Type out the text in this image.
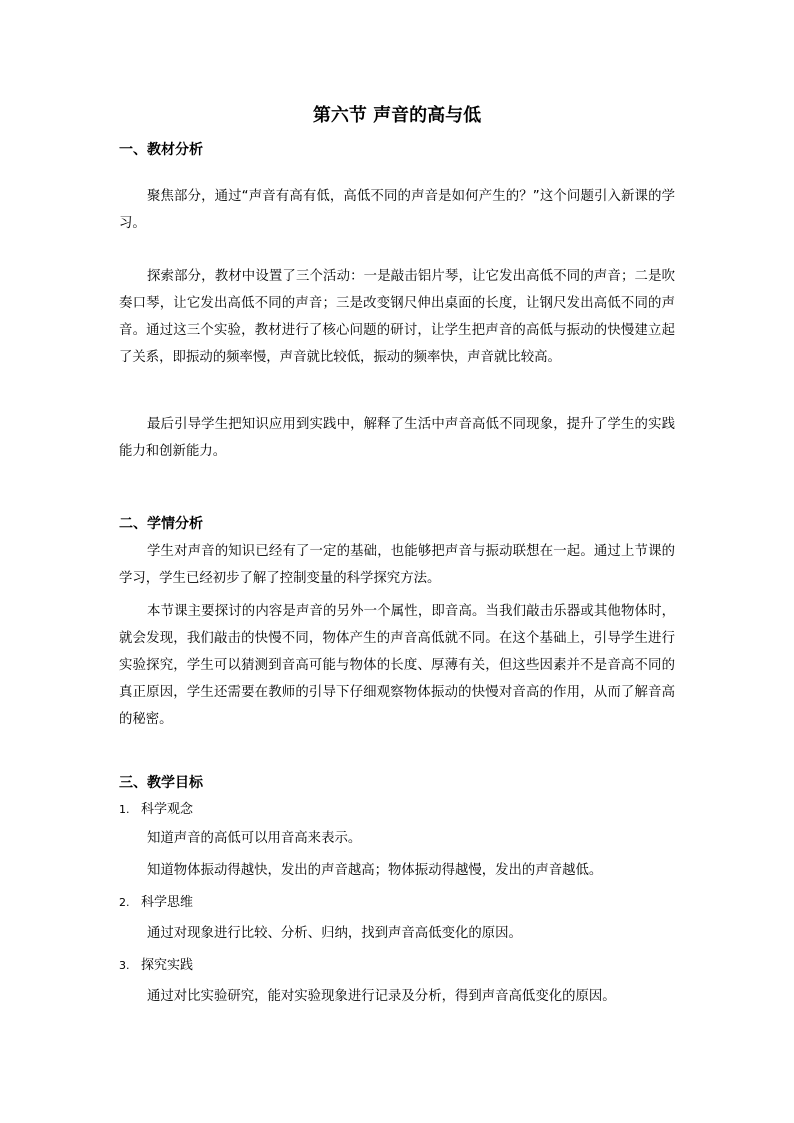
第六节 声音的高与低
一、教材分析
聚焦部分，通过“声音有高有低，高低不同的声音是如何产生的？”这个问题引入新课的学习。
探索部分，教材中设置了三个活动：一是敲击铝片琴，让它发出高低不同的声音；二是吹奏口琴，让它发出高低不同的声音；三是改变钢尺伸出桌面的长度，让钢尺发出高低不同的声音。通过这三个实验，教材进行了核心问题的研讨，让学生把声音的高低与振动的快慢建立起了关系，即振动的频率慢，声音就比较低，振动的频率快，声音就比较高。
最后引导学生把知识应用到实践中，解释了生活中声音高低不同现象，提升了学生的实践能力和创新能力。
二、学情分析
学生对声音的知识已经有了一定的基础，也能够把声音与振动联想在一起。通过上节课的学习，学生已经初步了解了控制变量的科学探究方法。
本节课主要探讨的内容是声音的另外一个属性，即音高。当我们敲击乐器或其他物体时，就会发现，我们敲击的快慢不同，物体产生的声音高低就不同。在这个基础上，引导学生进行实验探究，学生可以猜测到音高可能与物体的长度、厚薄有关，但这些因素并不是音高不同的真正原因，学生还需要在教师的引导下仔细观察物体振动的快慢对音高的作用，从而了解音高的秘密。
三、教学目标
1. 科学观念
知道声音的高低可以用音高来表示。
知道物体振动得越快，发出的声音越高；物体振动得越慢，发出的声音越低。
2. 科学思维
通过对现象进行比较、分析、归纳，找到声音高低变化的原因。
3. 探究实践
通过对比实验研究，能对实验现象进行记录及分析，得到声音高低变化的原因。
